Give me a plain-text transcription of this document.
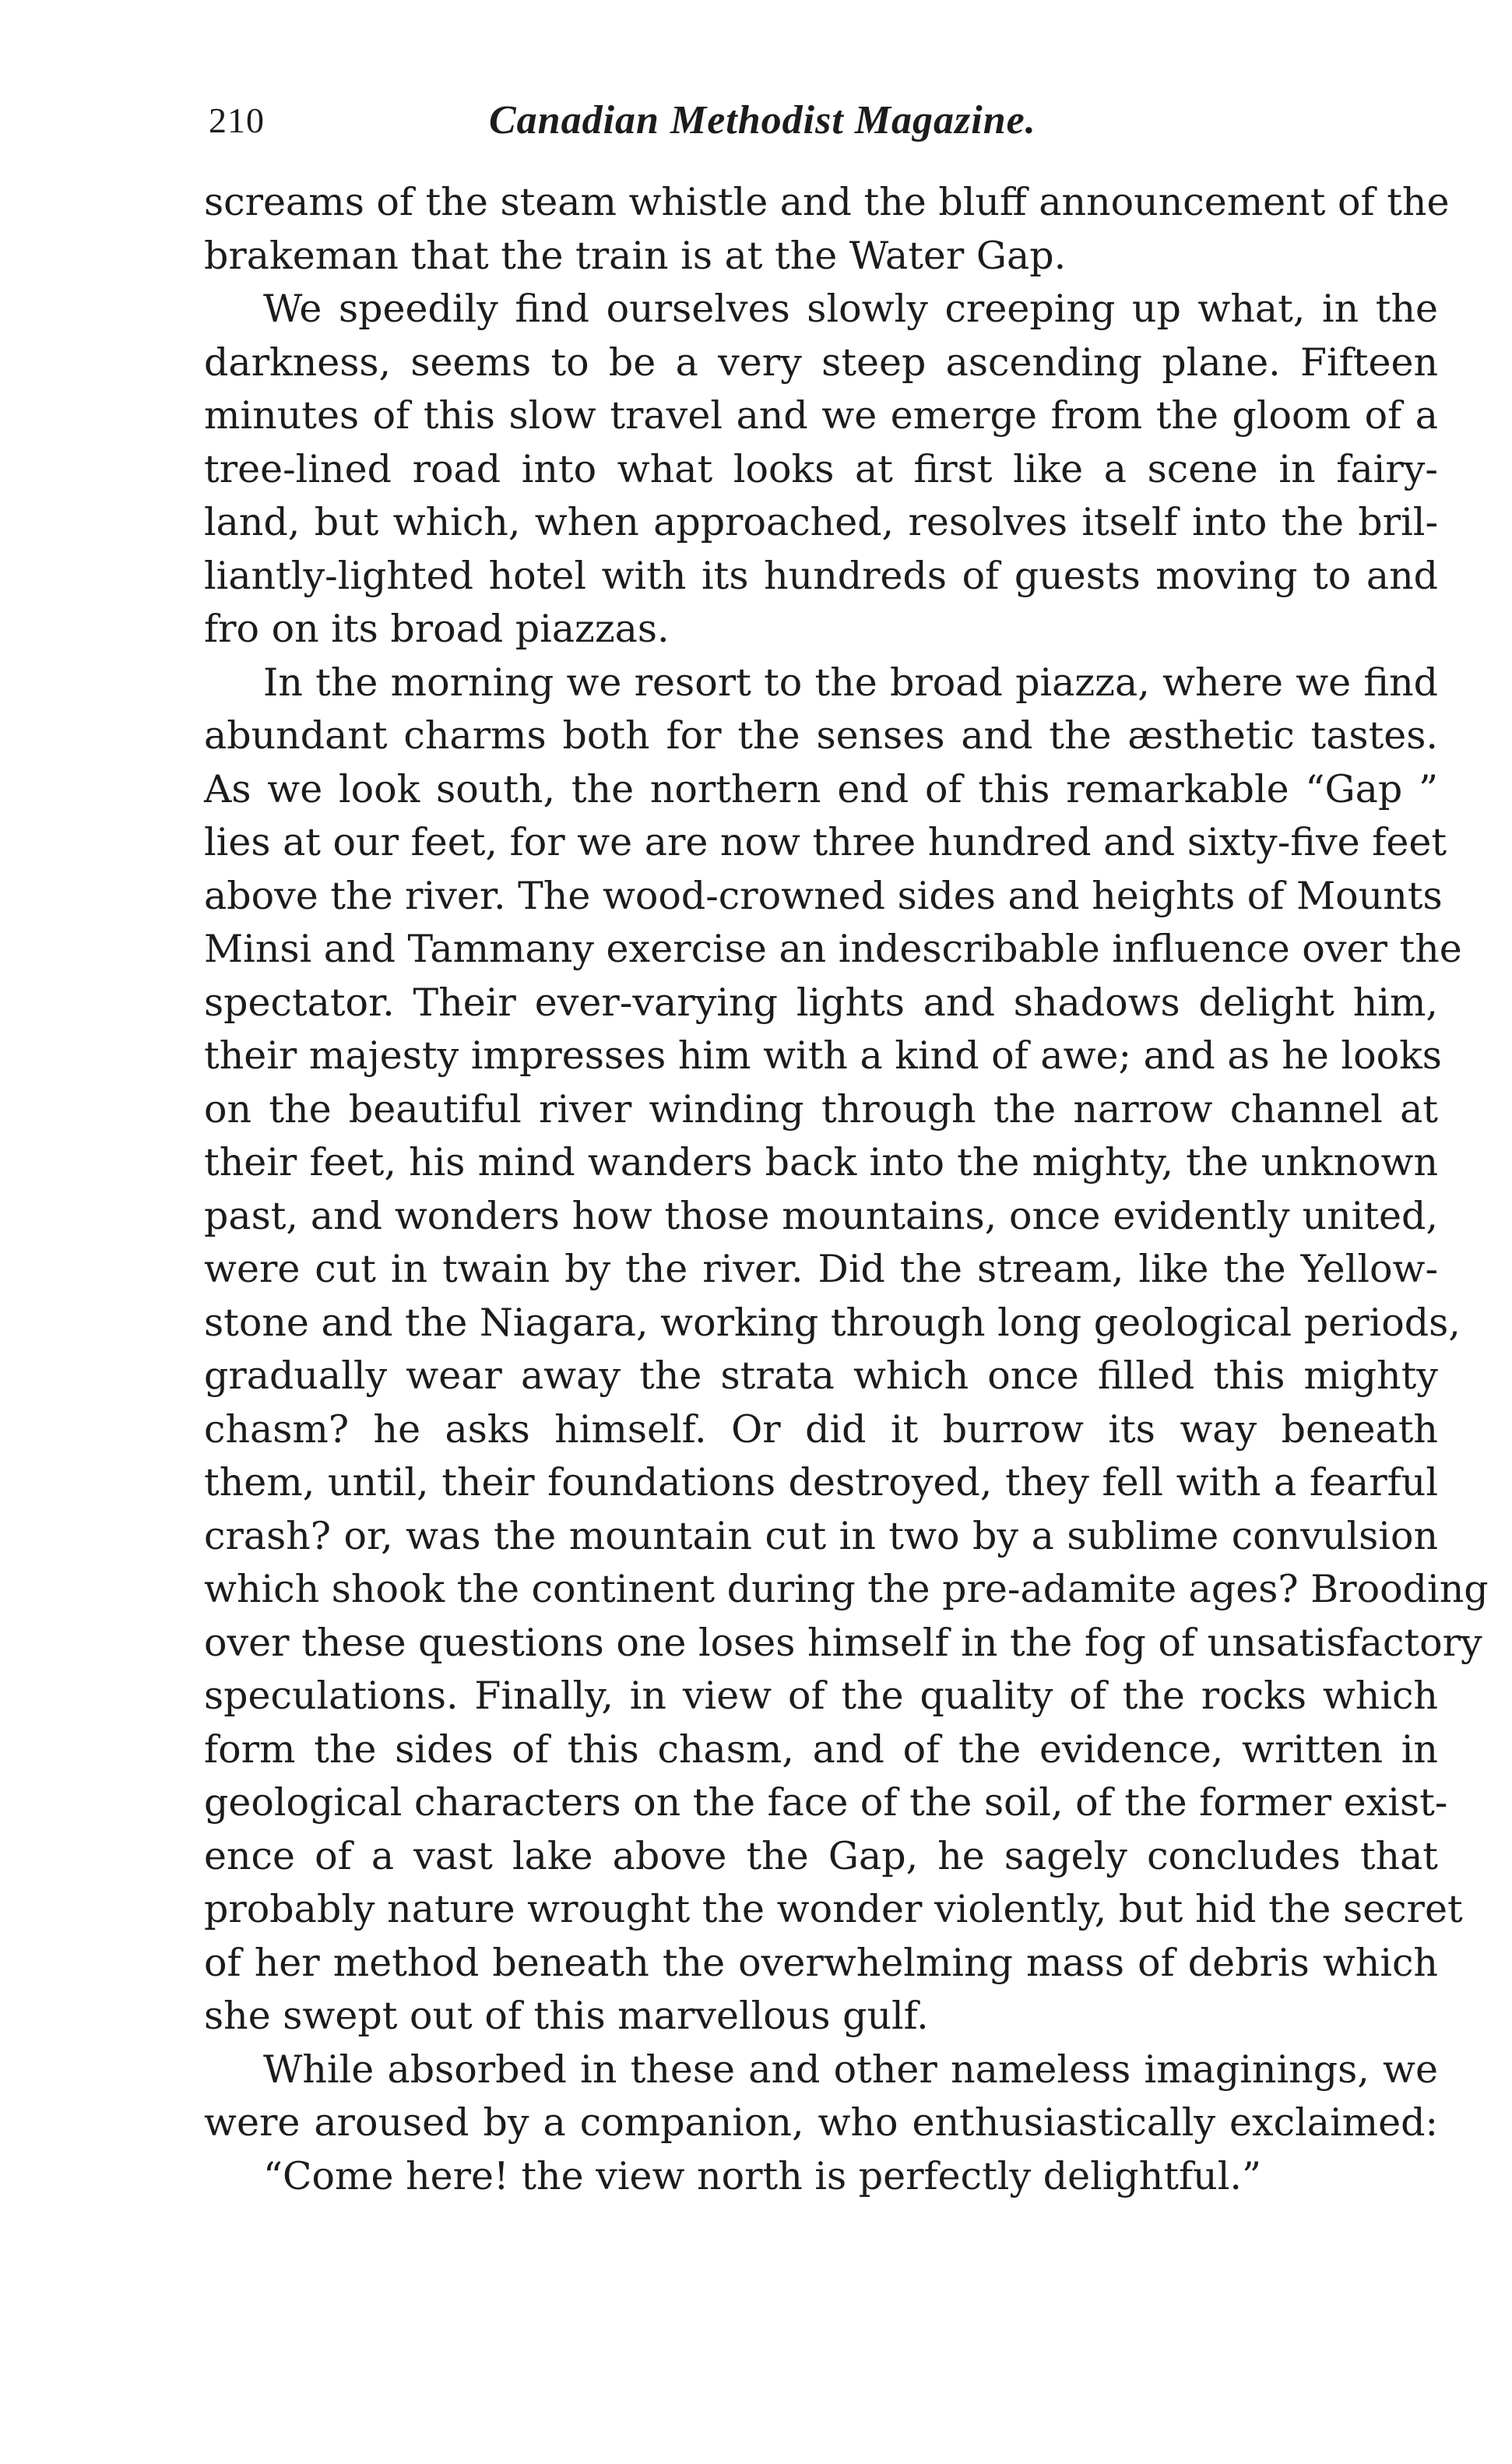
210	Canadian Methodist Magazine.

screams of the steam whistle and the bluff announcement of the
brakeman that the train is at the Water Gap.

We speedily find ourselves slowly creeping up what, in the
darkness, seems to be a very steep ascending plane. Fifteen
minutes of this slow travel and we emerge from the gloom of a
tree-lined road into what looks at first like a scene in fairy-
land, but which, when approached, resolves itself into the bril-
liantly-lighted hotel with its hundreds of guests moving to and
fro on its broad piazzas.

In the morning we resort to the broad piazza, where we find
abundant charms both for the senses and the æsthetic tastes.
As we look south, the northern end of this remarkable “Gap ”
lies at our feet, for we are now three hundred and sixty-five feet
above the river. The wood-crowned sides and heights of Mounts
Minsi and Tammany exercise an indescribable influence over the
spectator. Their ever-varying lights and shadows delight him,
their majesty impresses him with a kind of awe; and as he looks
on the beautiful river winding through the narrow channel at
their feet, his mind wanders back into the mighty, the unknown
past, and wonders how those mountains, once evidently united,
were cut in twain by the river. Did the stream, like the Yellow-
stone and the Niagara, working through long geological periods,
gradually wear away the strata which once filled this mighty
chasm? he asks himself. Or did it burrow its way beneath
them, until, their foundations destroyed, they fell with a fearful
crash? or, was the mountain cut in two by a sublime convulsion
which shook the continent during the pre-adamite ages? Brooding
over these questions one loses himself in the fog of unsatisfactory
speculations. Finally, in view of the quality of the rocks which
form the sides of this chasm, and of the evidence, written in
geological characters on the face of the soil, of the former exist-
ence of a vast lake above the Gap, he sagely concludes that
probably nature wrought the wonder violently, but hid the secret
of her method beneath the overwhelming mass of debris which
she swept out of this marvellous gulf.

While absorbed in these and other nameless imaginings, we
were aroused by a companion, who enthusiastically exclaimed:
“Come here! the view north is perfectly delightful.”
